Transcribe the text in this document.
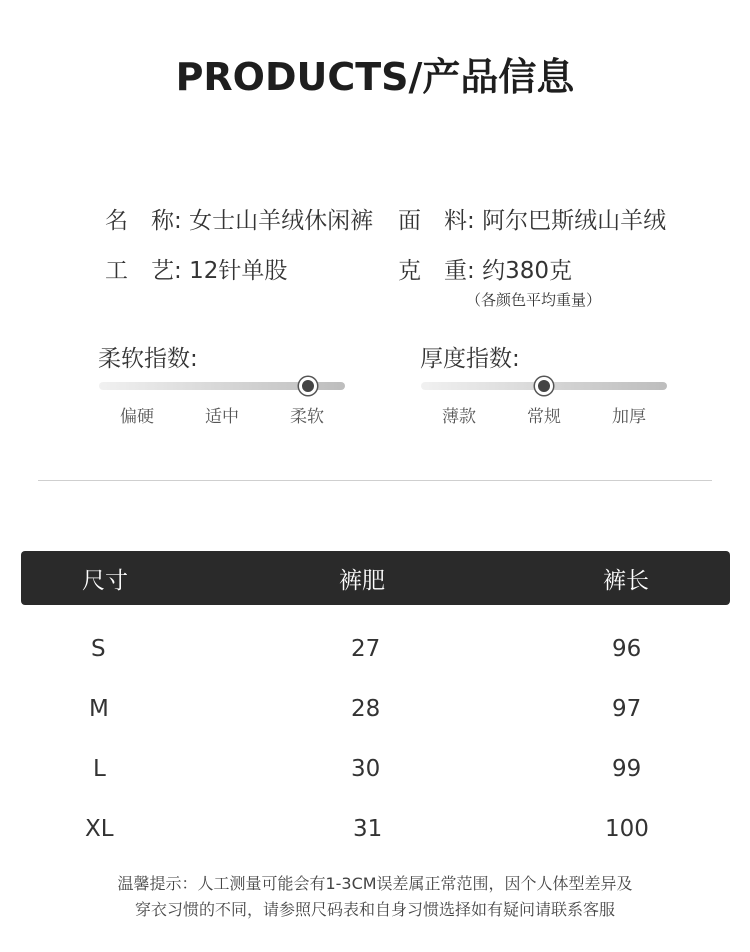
PRODUCTS/产品信息
名　称: 女士山羊绒休闲裤 面　料: 阿尔巴斯绒山羊绒
工　艺: 12针单股	克　重: 约380克
（各颜色平均重量）
柔软指数:
偏硬	适中	柔软
厚度指数:
薄款	常规	加厚
尺寸	裤肥	裤长
S	27	96
M	28	97
L	30	99
XL	31	100
温馨提示：人工测量可能会有1-3CM误差属正常范围，因个人体型差异及
穿衣习惯的不同，请参照尺码表和自身习惯选择如有疑问请联系客服
